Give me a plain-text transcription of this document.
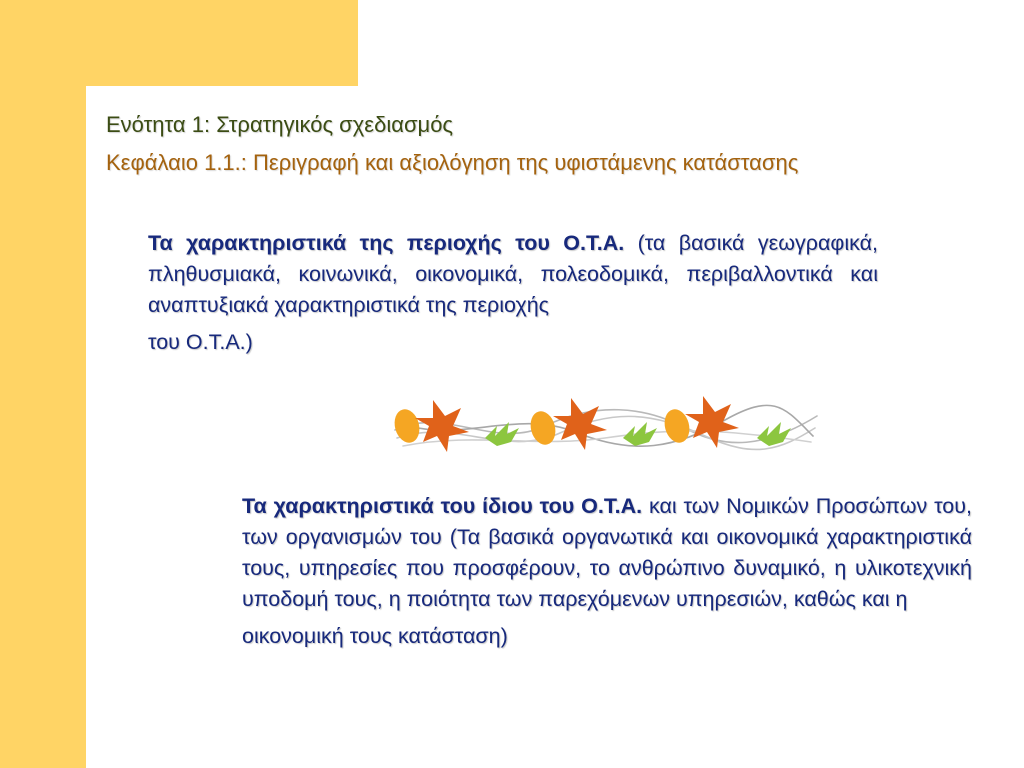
Ενότητα 1: Στρατηγικός σχεδιασμός
Κεφάλαιο 1.1.: Περιγραφή και αξιολόγηση της υφιστάμενης κατάστασης

Τα χαρακτηριστικά της περιοχής του Ο.Τ.Α. (τα βασικά γεωγραφικά, πληθυσμιακά, κοινωνικά, οικονομικά, πολεοδομικά, περιβαλλοντικά και αναπτυξιακά χαρακτηριστικά της περιοχής
του Ο.Τ.Α.)

Τα χαρακτηριστικά του ίδιου του Ο.Τ.Α. και των Νομικών Προσώπων του, των οργανισμών του (Τα βασικά οργανωτικά και οικονομικά χαρακτηριστικά τους, υπηρεσίες που προσφέρουν, το ανθρώπινο δυναμικό, η υλικοτεχνική υποδομή τους, η ποιότητα των παρεχόμενων υπηρεσιών, καθώς και η
οικονομική τους κατάσταση)
